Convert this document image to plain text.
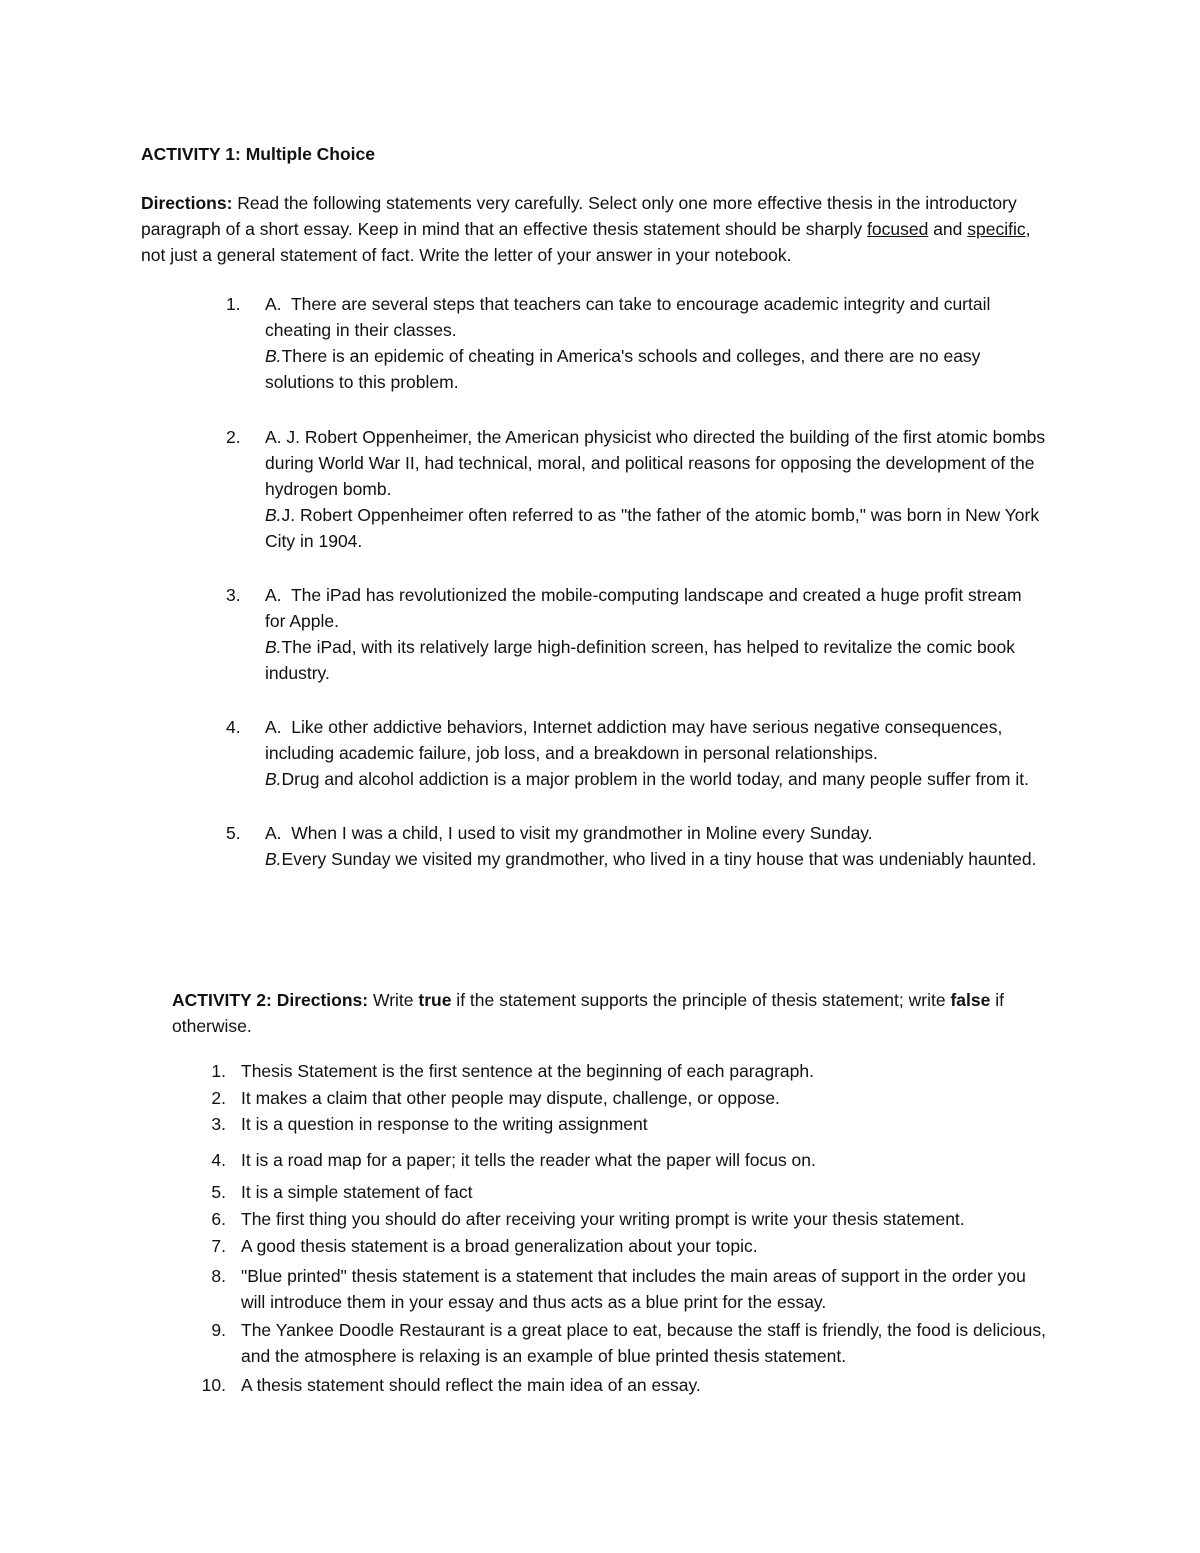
ACTIVITY 1: Multiple Choice
Directions: Read the following statements very carefully. Select only one more effective thesis in the introductory paragraph of a short essay. Keep in mind that an effective thesis statement should be sharply focused and specific, not just a general statement of fact. Write the letter of your answer in your notebook.
1.	A. There are several steps that teachers can take to encourage academic integrity and curtail cheating in their classes.
B.There is an epidemic of cheating in America's schools and colleges, and there are no easy solutions to this problem.
2.	A. J. Robert Oppenheimer, the American physicist who directed the building of the first atomic bombs during World War II, had technical, moral, and political reasons for opposing the development of the hydrogen bomb.
B.J. Robert Oppenheimer often referred to as "the father of the atomic bomb," was born in New York City in 1904.
3.	A. The iPad has revolutionized the mobile-computing landscape and created a huge profit stream for Apple.
B.The iPad, with its relatively large high-definition screen, has helped to revitalize the comic book industry.
4.	A. Like other addictive behaviors, Internet addiction may have serious negative consequences, including academic failure, job loss, and a breakdown in personal relationships.
B.Drug and alcohol addiction is a major problem in the world today, and many people suffer from it.
5.	A. When I was a child, I used to visit my grandmother in Moline every Sunday.
B.Every Sunday we visited my grandmother, who lived in a tiny house that was undeniably haunted.
ACTIVITY 2: Directions: Write true if the statement supports the principle of thesis statement; write false if otherwise.
1. Thesis Statement is the first sentence at the beginning of each paragraph.
2. It makes a claim that other people may dispute, challenge, or oppose.
3. It is a question in response to the writing assignment
4. It is a road map for a paper; it tells the reader what the paper will focus on.
5. It is a simple statement of fact
6. The first thing you should do after receiving your writing prompt is write your thesis statement.
7. A good thesis statement is a broad generalization about your topic.
8. "Blue printed" thesis statement is a statement that includes the main areas of support in the order you will introduce them in your essay and thus acts as a blue print for the essay.
9. The Yankee Doodle Restaurant is a great place to eat, because the staff is friendly, the food is delicious, and the atmosphere is relaxing is an example of blue printed thesis statement.
10. A thesis statement should reflect the main idea of an essay.
